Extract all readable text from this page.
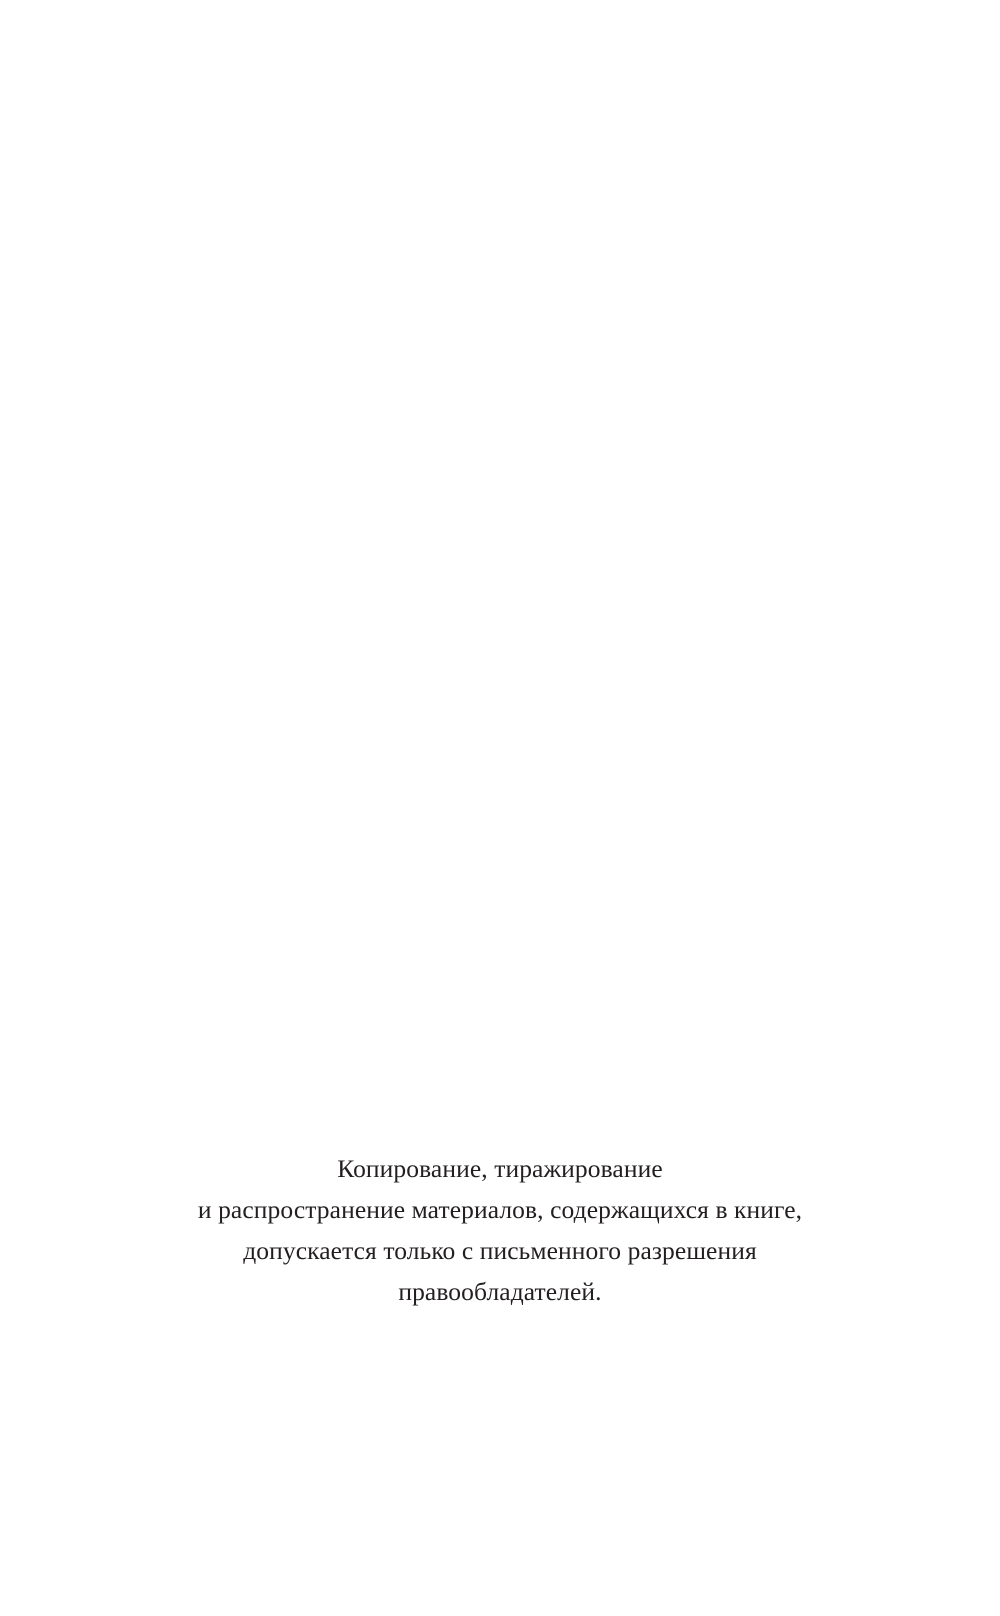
Копирование, тиражирование
и распространение материалов, содержащихся в книге,
допускается только с письменного разрешения
правообладателей.
